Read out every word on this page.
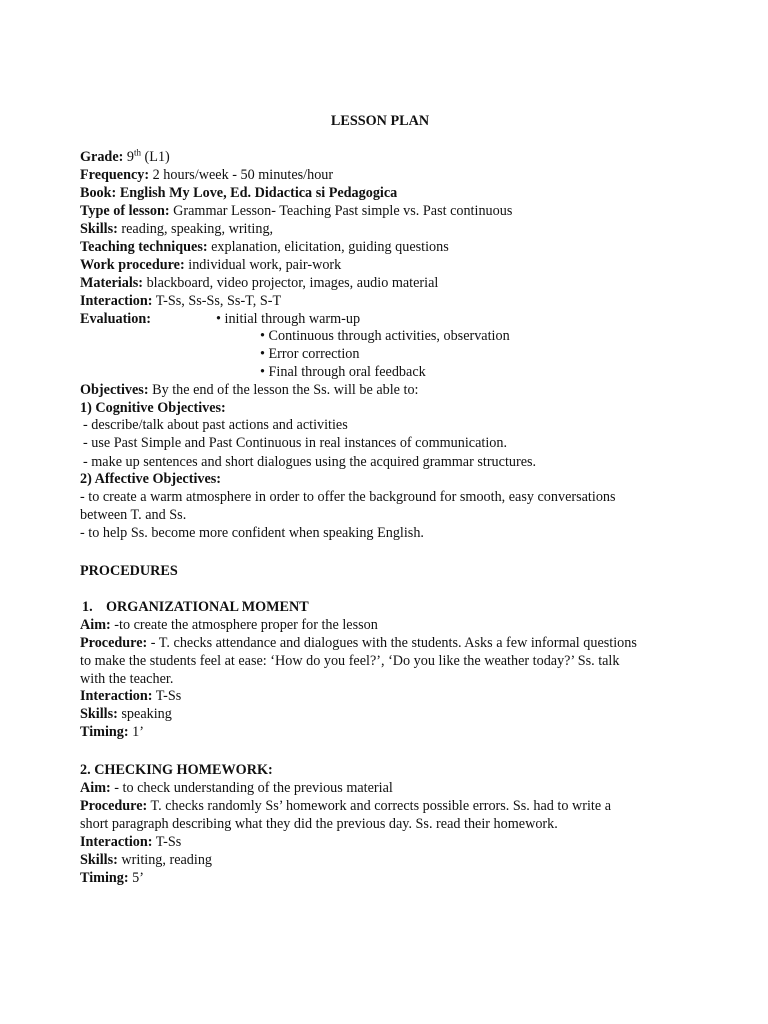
LESSON PLAN
Grade: 9th (L1)
Frequency: 2 hours/week - 50 minutes/hour
Book: English My Love, Ed. Didactica si Pedagogica
Type of lesson: Grammar Lesson- Teaching Past simple vs. Past continuous
Skills: reading, speaking, writing,
Teaching techniques: explanation, elicitation, guiding questions
Work procedure: individual work, pair-work
Materials: blackboard, video projector, images, audio material
Interaction: T-Ss, Ss-Ss, Ss-T, S-T
Evaluation:	• initial through warm-up
• Continuous through activities, observation
• Error correction
• Final through oral feedback
Objectives: By the end of the lesson the Ss. will be able to:
1) Cognitive Objectives:
- describe/talk about past actions and activities
- use Past Simple and Past Continuous in real instances of communication.
- make up sentences and short dialogues using the acquired grammar structures.
2) Affective Objectives:
- to create a warm atmosphere in order to offer the background for smooth, easy conversations
between T. and Ss.
- to help Ss. become more confident when speaking English.
PROCEDURES
1. ORGANIZATIONAL MOMENT
Aim: -to create the atmosphere proper for the lesson
Procedure: - T. checks attendance and dialogues with the students. Asks a few informal questions
to make the students feel at ease: ‘How do you feel?’, ‘Do you like the weather today?’ Ss. talk
with the teacher.
Interaction: T-Ss
Skills: speaking
Timing: 1’
2. CHECKING HOMEWORK:
Aim: - to check understanding of the previous material
Procedure: T. checks randomly Ss’ homework and corrects possible errors. Ss. had to write a
short paragraph describing what they did the previous day. Ss. read their homework.
Interaction: T-Ss
Skills: writing, reading
Timing: 5’
